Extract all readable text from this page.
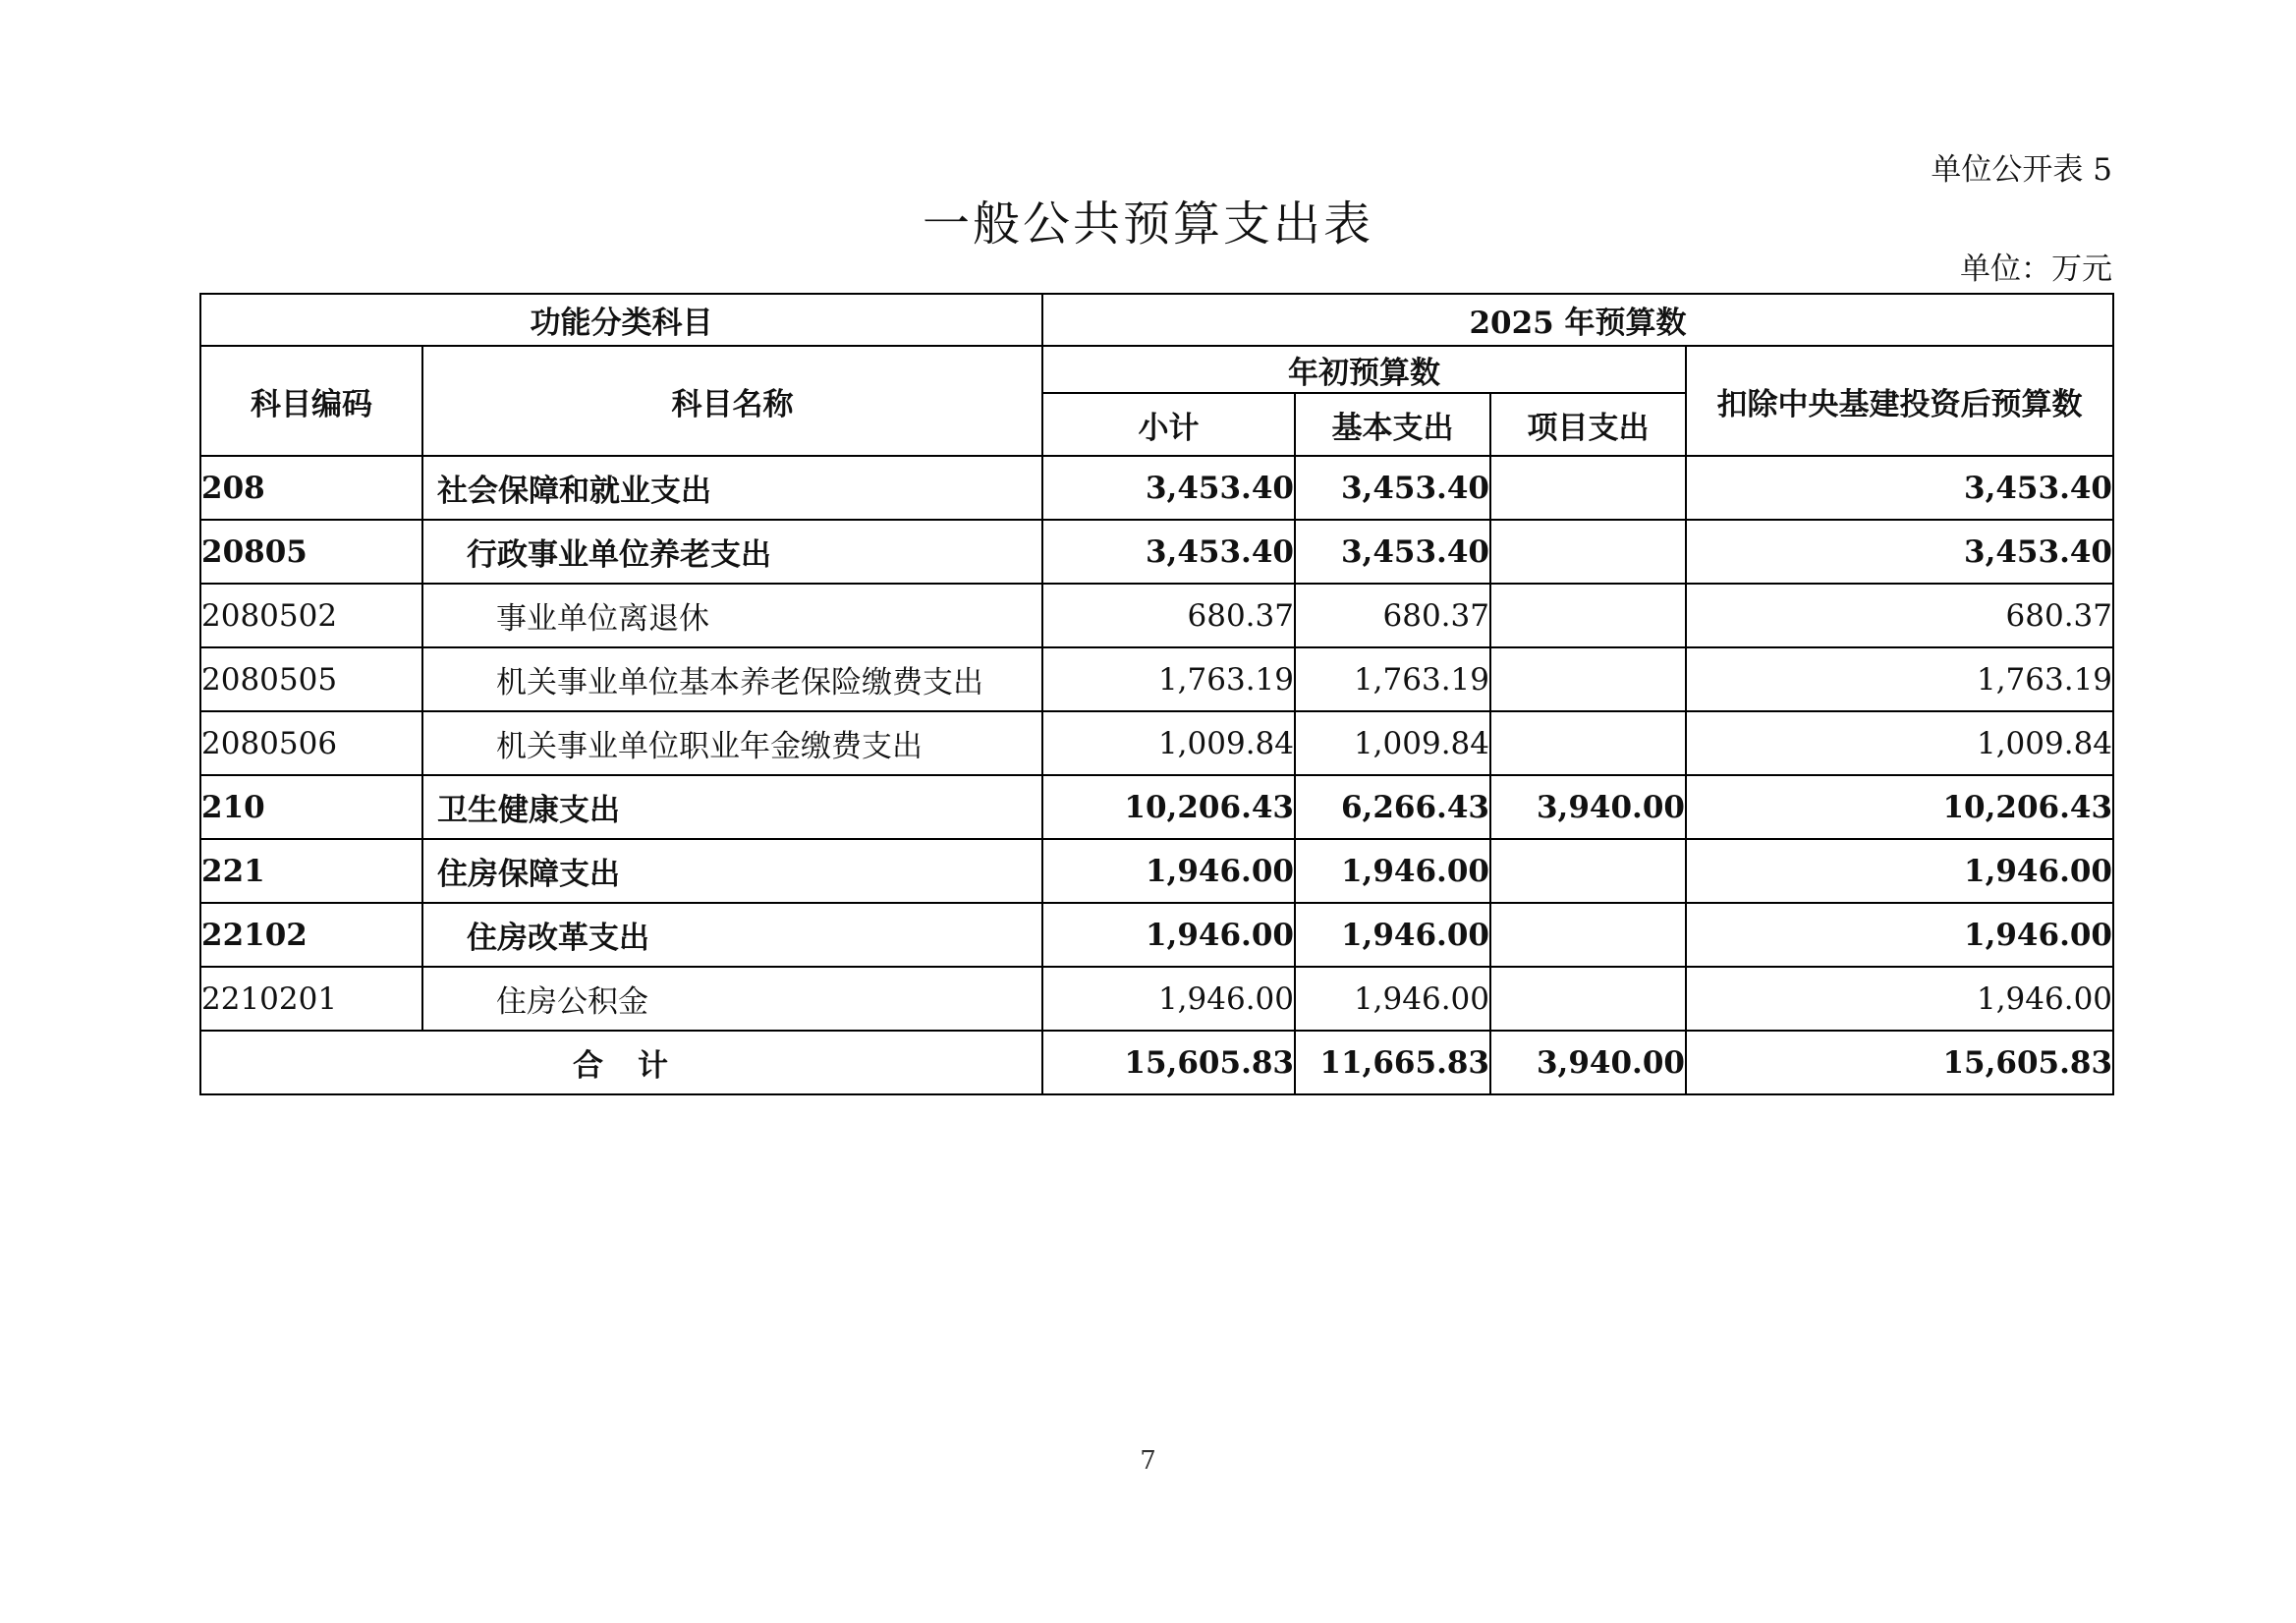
单位公开表 5
一般公共预算支出表
单位：万元
功能分类科目		2025 年预算数			
科目编码	科目名称	年初预算数			扣除中央基建投资后预算数
		小计	基本支出	项目支出	
208	社会保障和就业支出	3,453.40	3,453.40		3,453.40
20805	行政事业单位养老支出	3,453.40	3,453.40		3,453.40
2080502	事业单位离退休	680.37	680.37		680.37
2080505	机关事业单位基本养老保险缴费支出	1,763.19	1,763.19		1,763.19
2080506	机关事业单位职业年金缴费支出	1,009.84	1,009.84		1,009.84
210	卫生健康支出	10,206.43	6,266.43	3,940.00	10,206.43
221	住房保障支出	1,946.00	1,946.00		1,946.00
22102	住房改革支出	1,946.00	1,946.00		1,946.00
2210201	住房公积金	1,946.00	1,946.00		1,946.00
合　计		15,605.83	11,665.83	3,940.00	15,605.83
7
